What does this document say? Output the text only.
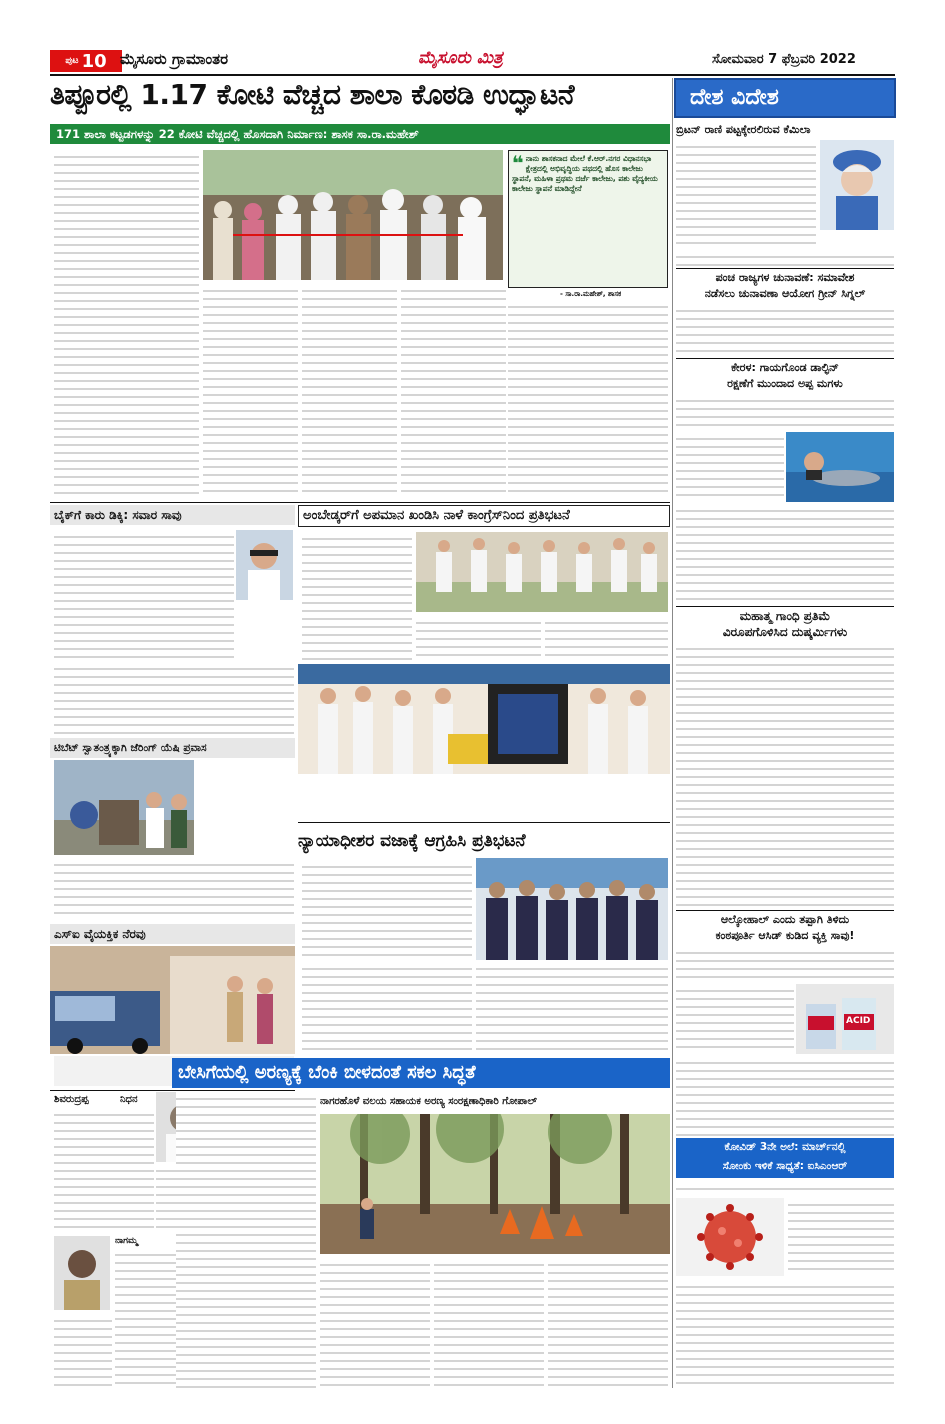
ಪುಟ 10 ಮೈಸೂರು ಗ್ರಾಮಾಂತರ	ಮೈಸೂರು ಮಿತ್ರ	ಸೋಮವಾರ 7 ಫೆಬ್ರವರಿ 2022
ತಿಪ್ಪೂರಲ್ಲಿ 1.17 ಕೋಟಿ ವೆಚ್ಚದ ಶಾಲಾ ಕೊಠಡಿ ಉದ್ಘಾಟನೆ
171 ಶಾಲಾ ಕಟ್ಟಡಗಳನ್ನು 22 ಕೋಟಿ ವೆಚ್ಚದಲ್ಲಿ ಹೊಸದಾಗಿ ನಿರ್ಮಾಣ: ಶಾಸಕ ಸಾ.ರಾ.ಮಹೇಶ್
❝ ನಾನು ಶಾಸಕನಾದ ಮೇಲೆ ಕೆ.ಆರ್.ನಗರ ವಿಧಾನಸಭಾ ಕ್ಷೇತ್ರದಲ್ಲಿ ಅಭಿವೃದ್ಧಿಯ ಪಥದಲ್ಲಿ ಹೊಸ ಕಾಲೇಜು ಸ್ಥಾಪನೆ, ಮಹಿಳಾ ಪ್ರಥಮ ದರ್ಜೆ ಕಾಲೇಜು, ಪಶು ವೈದ್ಯಕೀಯ ಕಾಲೇಜು ಸ್ಥಾಪನೆ ಮಾಡಿದ್ದೇನೆ
- ಸಾ.ರಾ.ಮಹೇಶ್, ಶಾಸಕ
ಬೈಕ್‌ಗೆ ಕಾರು ಡಿಕ್ಕಿ: ಸವಾರ ಸಾವು
ಟಿಬೆಟ್ ಸ್ವಾತಂತ್ರ್ಯಕ್ಕಾಗಿ ಜೆರಿಂಗ್ ಯೆಷಿ ಪ್ರವಾಸ
ಎಸ್‌ಐ ವೈಯಕ್ತಿಕ ನೆರವು
ಶಿವರುದ್ರಪ್ಪ	ನಿಧನ
ನಾಗಮ್ಮ
ಅಂಬೇಡ್ಕರ್‌ಗೆ ಅಪಮಾನ ಖಂಡಿಸಿ ನಾಳೆ ಕಾಂಗ್ರೆಸ್‌ನಿಂದ ಪ್ರತಿಭಟನೆ
ನ್ಯಾಯಾಧೀಶರ ವಜಾಕ್ಕೆ ಆಗ್ರಹಿಸಿ ಪ್ರತಿಭಟನೆ
ಬೇಸಿಗೆಯಲ್ಲಿ ಅರಣ್ಯಕ್ಕೆ ಬೆಂಕಿ ಬೀಳದಂತೆ ಸಕಲ ಸಿದ್ಧತೆ
ನಾಗರಹೊಳೆ ವಲಯ ಸಹಾಯಕ ಅರಣ್ಯ ಸಂರಕ್ಷಣಾಧಿಕಾರಿ ಗೋಪಾಲ್
ದೇಶ ವಿದೇಶ
ಬ್ರಿಟನ್ ರಾಣಿ ಪಟ್ಟಕ್ಕೇರಲಿರುವ ಕೆಮಿಲಾ
ಪಂಚ ರಾಜ್ಯಗಳ ಚುನಾವಣೆ: ಸಮಾವೇಶ
ನಡೆಸಲು ಚುನಾವಣಾ ಆಯೋಗ ಗ್ರೀನ್ ಸಿಗ್ನಲ್
ಕೇರಳ: ಗಾಯಗೊಂಡ ಡಾಲ್ಫಿನ್
ರಕ್ಷಣೆಗೆ ಮುಂದಾದ ಅಪ್ಪ ಮಗಳು
ಮಹಾತ್ಮ ಗಾಂಧಿ ಪ್ರತಿಮೆ
ವಿರೂಪಗೊಳಿಸಿದ ದುಷ್ಕರ್ಮಿಗಳು
ಆಲ್ಕೋಹಾಲ್ ಎಂದು ತಪ್ಪಾಗಿ ತಿಳಿದು
ಕಂಠಪೂರ್ತಿ ಆಸಿಡ್ ಕುಡಿದ ವ್ಯಕ್ತಿ ಸಾವು!
ACID
ಕೋವಿಡ್ 3ನೇ ಅಲೆ: ಮಾರ್ಚ್‌ನಲ್ಲಿ
ಸೋಂಕು ಇಳಿಕೆ ಸಾಧ್ಯತೆ: ಐಸಿಎಂಆರ್
